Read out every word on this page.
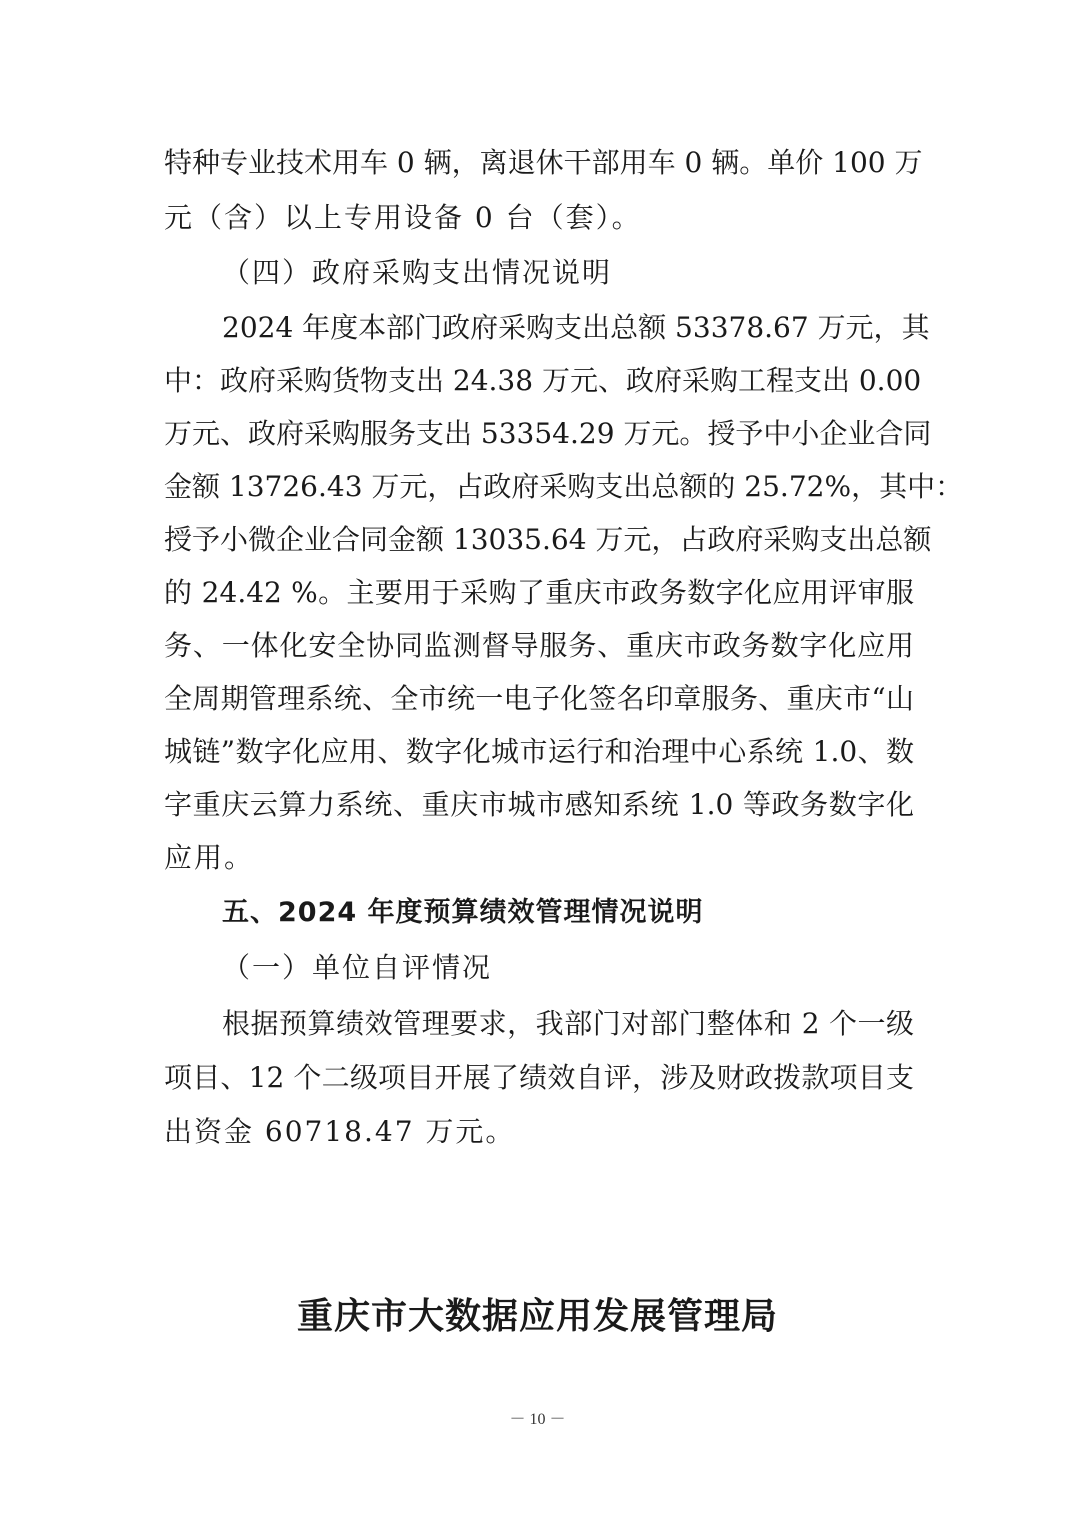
特种专业技术用车 0 辆，离退休干部用车 0 辆。单价 100 万
元（含）以上专用设备 0 台（套）。
（四）政府采购支出情况说明
2024 年度本部门政府采购支出总额 53378.67 万元，其
中：政府采购货物支出 24.38 万元、政府采购工程支出 0.00
万元、政府采购服务支出 53354.29 万元。授予中小企业合同
金额 13726.43 万元，占政府采购支出总额的 25.72%，其中：
授予小微企业合同金额 13035.64 万元，占政府采购支出总额
的 24.42 %。主要用于采购了重庆市政务数字化应用评审服
务、一体化安全协同监测督导服务、重庆市政务数字化应用
全周期管理系统、全市统一电子化签名印章服务、重庆市“山
城链”数字化应用、数字化城市运行和治理中心系统 1.0、数
字重庆云算力系统、重庆市城市感知系统 1.0 等政务数字化
应用。
五、2024 年度预算绩效管理情况说明
（一）单位自评情况
根据预算绩效管理要求，我部门对部门整体和 2 个一级
项目、12 个二级项目开展了绩效自评，涉及财政拨款项目支
出资金 60718.47 万元。
重庆市大数据应用发展管理局
－ 10 －
